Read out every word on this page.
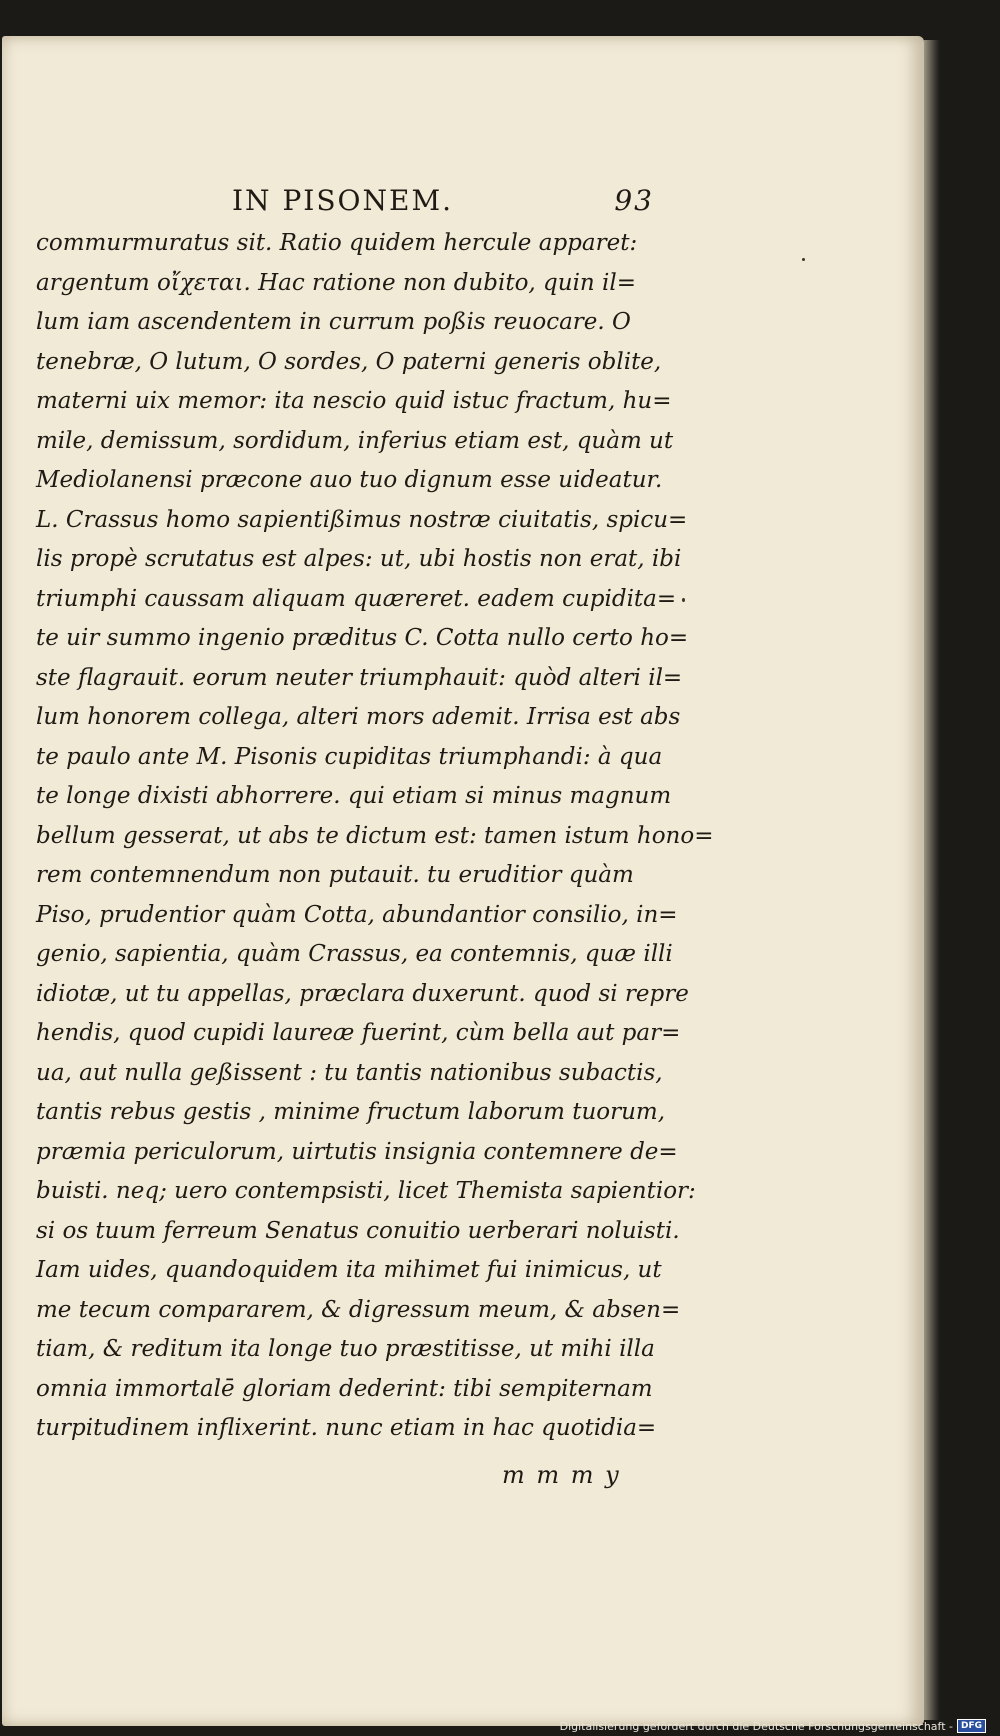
IN PISONEM.	93
commurmuratus sit. Ratio quidem hercule apparet:
argentum οἴχεται. Hac ratione non dubito, quin il=
lum iam ascendentem in currum poßis reuocare. O
tenebræ, O lutum, O sordes, O paterni generis oblite,
materni uix memor: ita nescio quid istuc fractum, hu=
mile, demissum, sordidum, inferius etiam est, quàm ut
Mediolanensi præcone auo tuo dignum esse uideatur.
L. Crassus homo sapientißimus nostræ ciuitatis, spicu=
lis propè scrutatus est alpes: ut, ubi hostis non erat, ibi
triumphi caussam aliquam quæreret. eadem cupidita=
te uir summo ingenio præditus C. Cotta nullo certo ho=
ste flagrauit. eorum neuter triumphauit: quòd alteri il=
lum honorem collega, alteri mors ademit. Irrisa est abs
te paulo ante M. Pisonis cupiditas triumphandi: à qua
te longe dixisti abhorrere. qui etiam si minus magnum
bellum gesserat, ut abs te dictum est: tamen istum hono=
rem contemnendum non putauit. tu eruditior quàm
Piso, prudentior quàm Cotta, abundantior consilio, in=
genio, sapientia, quàm Crassus, ea contemnis, quæ illi
idiotæ, ut tu appellas, præclara duxerunt. quod si repre
hendis, quod cupidi laureæ fuerint, cùm bella aut par=
ua, aut nulla geßissent : tu tantis nationibus subactis,
tantis rebus gestis , minime fructum laborum tuorum,
præmia periculorum, uirtutis insignia contemnere de=
buisti. neq; uero contempsisti, licet Themista sapientior:
si os tuum ferreum Senatus conuitio uerberari noluisti.
Iam uides, quandoquidem ita mihimet fui inimicus, ut
me tecum compararem, & digressum meum, & absen=
tiam, & reditum ita longe tuo præstitisse, ut mihi illa
omnia immortalē gloriam dederint: tibi sempiternam
turpitudinem inflixerint. nunc etiam in hac quotidia=
m m m y
Digitalisierung gefördert durch die Deutsche Forschungsgemeinschaft - DFG
